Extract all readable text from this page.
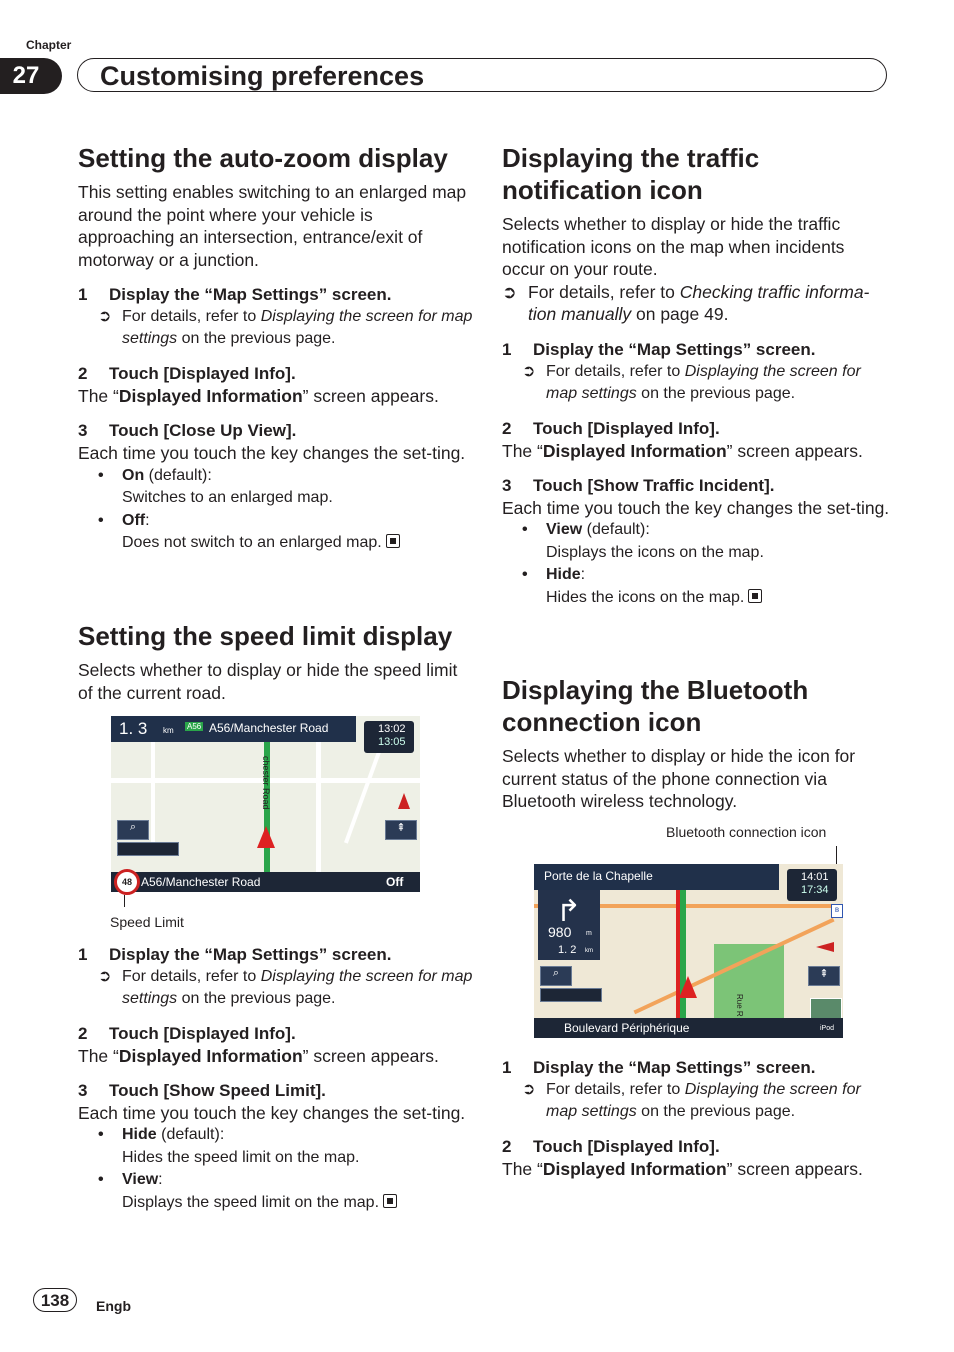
Chapter
27	Customising preferences
Setting the auto-zoom display

This setting enables switching to an enlarged map around the point where your vehicle is approaching an intersection, entrance/exit of motorway or a junction.

1 Display the “Map Settings” screen.
➲ For details, refer to Displaying the screen for map settings on the previous page.
2 Touch [Displayed Info].

The “Displayed Information” screen appears.

3 Touch [Close Up View].

Each time you touch the key changes the set-ting.

• On (default):
Switches to an enlarged map.
• Off:
Does not switch to an enlarged map.
Setting the speed limit display

Selects whether to display or hide the speed limit of the current road.

1. 3 km A56 A56/Manchester Road	13:02
13:05
chester Road
⌕	⇞
A56/Manchester Road	Off
48
Speed Limit
1 Display the “Map Settings” screen.
➲ For details, refer to Displaying the screen for map settings on the previous page.
2 Touch [Displayed Info].

The “Displayed Information” screen appears.

3 Touch [Show Speed Limit].

Each time you touch the key changes the set-ting.

• Hide (default):
Hides the speed limit on the map.
• View:
Displays the speed limit on the map.
Displaying the traffic notification icon

Selects whether to display or hide the traffic notification icons on the map when incidents occur on your route.

➲ For details, refer to Checking traffic informa-tion manually on page 49.
1 Display the “Map Settings” screen.
➲ For details, refer to Displaying the screen for map settings on the previous page.
2 Touch [Displayed Info].

The “Displayed Information” screen appears.

3 Touch [Show Traffic Incident].

Each time you touch the key changes the set-ting.

• View (default):
Displays the icons on the map.
• Hide:
Hides the icons on the map.
Displaying the Bluetooth connection icon

Selects whether to display or hide the icon for current status of the phone connection via Bluetooth wireless technology.

Bluetooth connection icon
Porte de la Chapelle
↱
980 m
1. 2 km
14:01
17:34
ʙ
Rue R
⌕	⇞
Boulevard Périphérique	iPod
1 Display the “Map Settings” screen.
➲ For details, refer to Displaying the screen for map settings on the previous page.
2 Touch [Displayed Info].

The “Displayed Information” screen appears.

138	Engb
